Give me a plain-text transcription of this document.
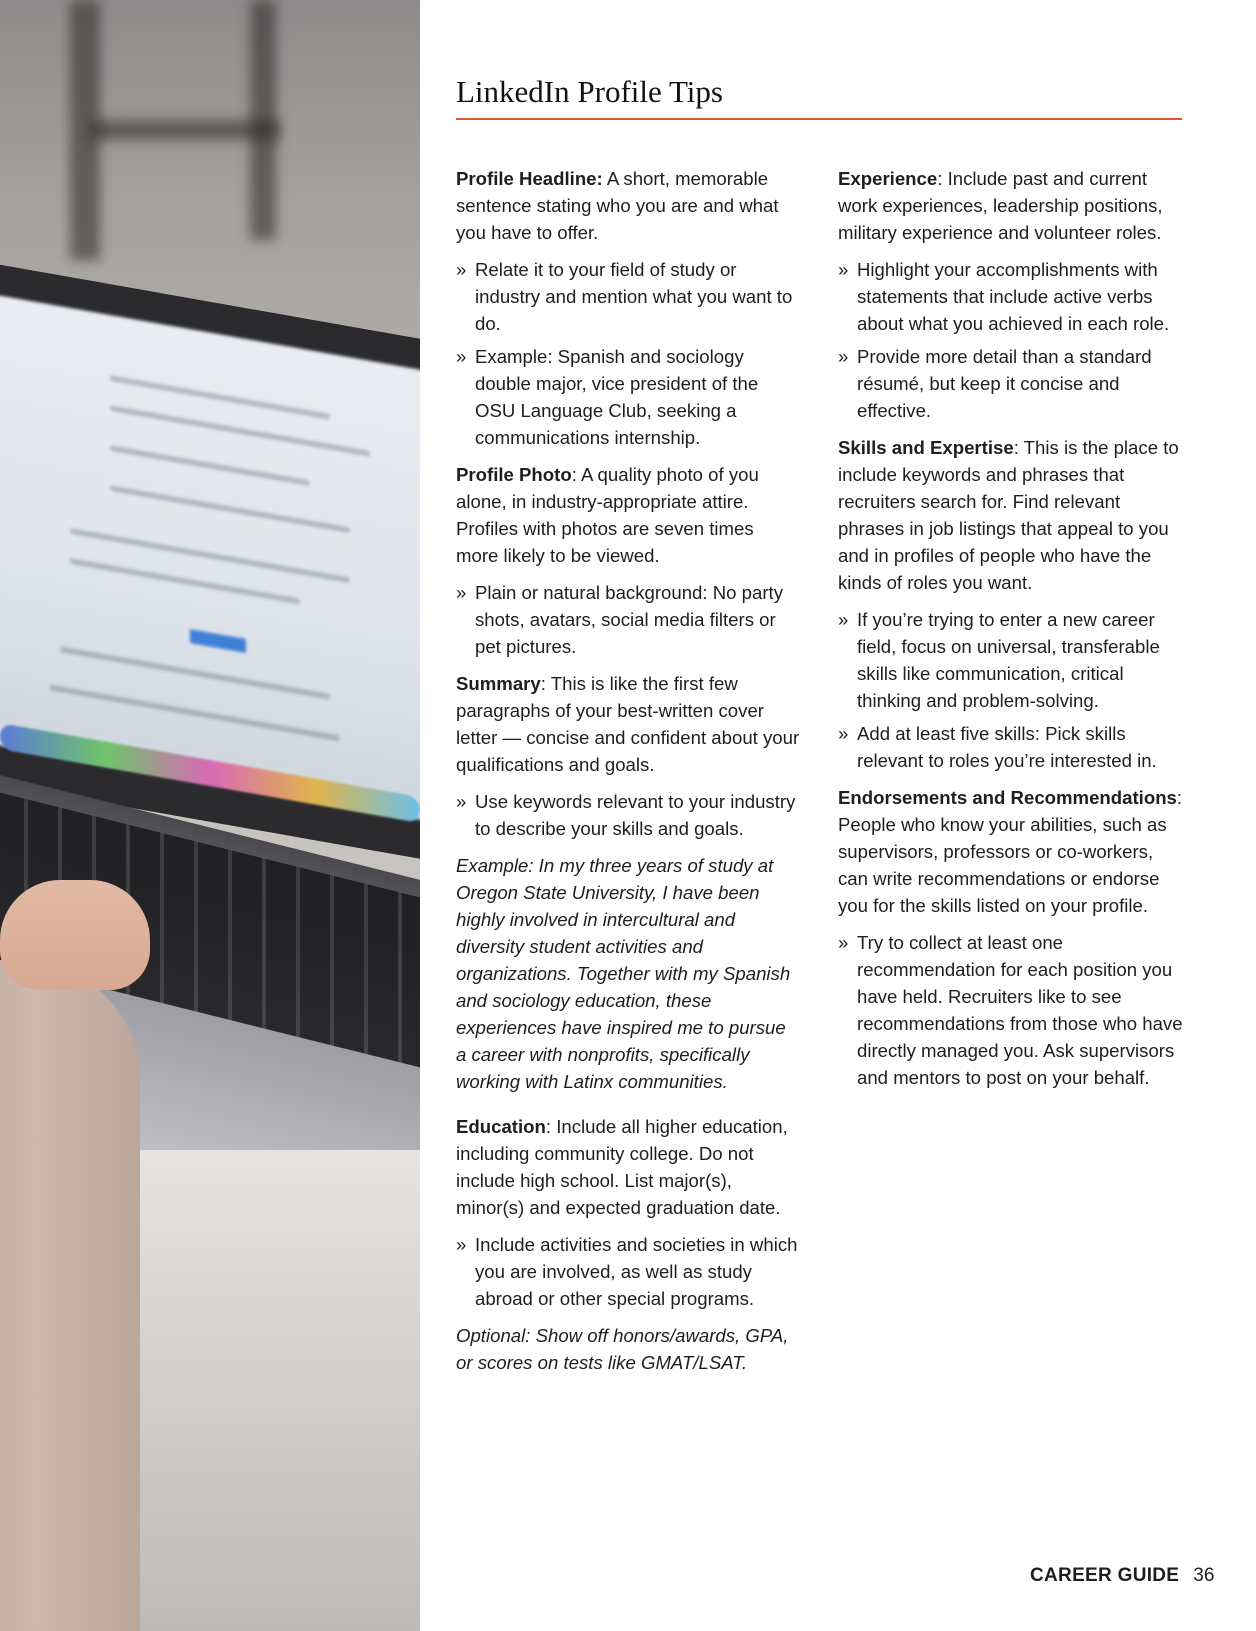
LinkedIn Profile Tips

Profile Headline: A short, memorable sentence stating who you are and what you have to offer.

» Relate it to your field of study or industry and mention what you want to do.
» Example: Spanish and sociology double major, vice president of the OSU Language Club, seeking a communications internship.

Profile Photo: A quality photo of you alone, in industry-appropriate attire. Profiles with photos are seven times more likely to be viewed.

» Plain or natural background: No party shots, avatars, social media filters or pet pictures.

Summary: This is like the first few paragraphs of your best-written cover letter — concise and confident about your qualifications and goals.

» Use keywords relevant to your industry to describe your skills and goals.

Example: In my three years of study at Oregon State University, I have been highly involved in intercultural and diversity student activities and organizations. Together with my Spanish and sociology education, these experiences have inspired me to pursue a career with nonprofits, specifically working with Latinx communities.

Education: Include all higher education, including community college. Do not include high school. List major(s), minor(s) and expected graduation date.

» Include activities and societies in which you are involved, as well as study abroad or other special programs.

Optional: Show off honors/awards, GPA, or scores on tests like GMAT/LSAT.

Experience: Include past and current work experiences, leadership positions, military experience and volunteer roles.

» Highlight your accomplishments with statements that include active verbs about what you achieved in each role.
» Provide more detail than a standard résumé, but keep it concise and effective.

Skills and Expertise: This is the place to include keywords and phrases that recruiters search for. Find relevant phrases in job listings that appeal to you and in profiles of people who have the kinds of roles you want.

» If you’re trying to enter a new career field, focus on universal, transferable skills like communication, critical thinking and problem-solving.
» Add at least five skills: Pick skills relevant to roles you’re interested in.

Endorsements and Recommendations: People who know your abilities, such as supervisors, professors or co-workers, can write recommendations or endorse you for the skills listed on your profile.

» Try to collect at least one recommendation for each position you have held. Recruiters like to see recommendations from those who have directly managed you. Ask supervisors and mentors to post on your behalf.
CAREER GUIDE 36
